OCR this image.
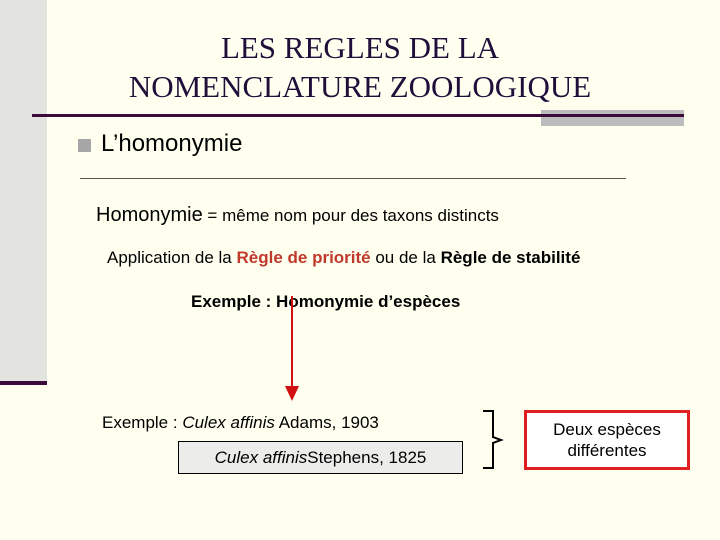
LES REGLES DE LA
NOMENCLATURE ZOOLOGIQUE
L’homonymie
Homonymie = même nom pour des taxons distincts
Application de la Règle de priorité ou de la Règle de stabilité
Exemple : Homonymie d’espèces
Exemple : Culex affinis Adams, 1903
Culex affinis Stephens, 1825
Deux espèces
différentes
